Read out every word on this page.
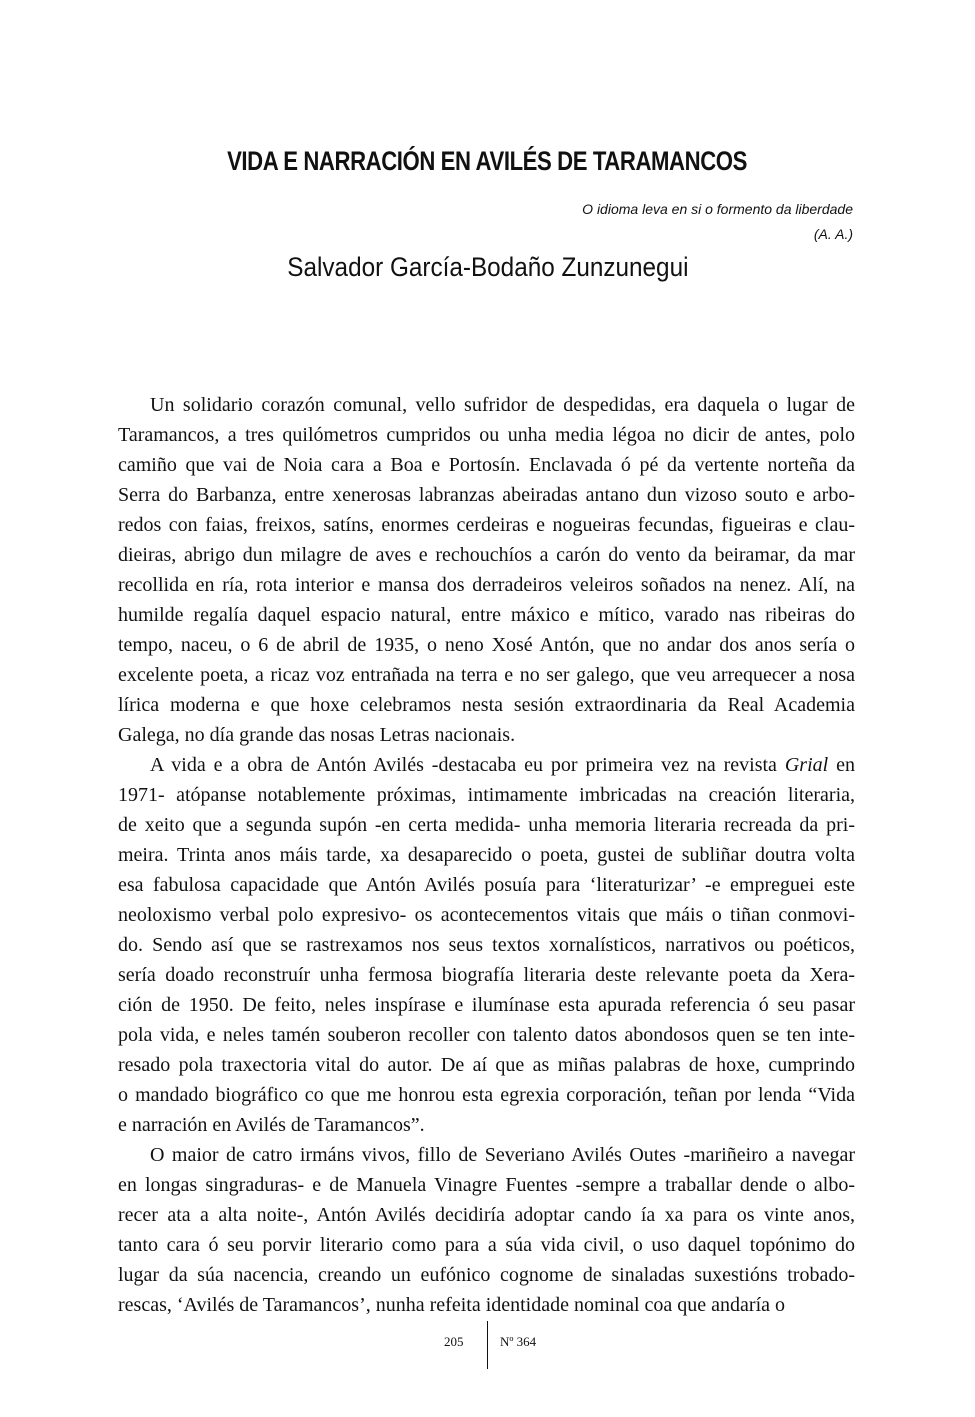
VIDA E NARRACIÓN EN AVILÉS DE TARAMANCOS
O idioma leva en si o formento da liberdade
(A. A.)
Salvador García-Bodaño Zunzunegui
Un solidario corazón comunal, vello sufridor de despedidas, era daquela o lugar de
Taramancos, a tres quilómetros cumpridos ou unha media légoa no dicir de antes, polo
camiño que vai de Noia cara a Boa e Portosín. Enclavada ó pé da vertente norteña da
Serra do Barbanza, entre xenerosas labranzas abeiradas antano dun vizoso souto e arbo-
redos con faias, freixos, satíns, enormes cerdeiras e nogueiras fecundas, figueiras e clau-
dieiras, abrigo dun milagre de aves e rechouchíos a carón do vento da beiramar, da mar
recollida en ría, rota interior e mansa dos derradeiros veleiros soñados na nenez. Alí, na
humilde regalía daquel espacio natural, entre máxico e mítico, varado nas ribeiras do
tempo, naceu, o 6 de abril de 1935, o neno Xosé Antón, que no andar dos anos sería o
excelente poeta, a ricaz voz entrañada na terra e no ser galego, que veu arrequecer a nosa
lírica moderna e que hoxe celebramos nesta sesión extraordinaria da Real Academia
Galega, no día grande das nosas Letras nacionais.
A vida e a obra de Antón Avilés -destacaba eu por primeira vez na revista Grial en
1971- atópanse notablemente próximas, intimamente imbricadas na creación literaria,
de xeito que a segunda supón -en certa medida- unha memoria literaria recreada da pri-
meira. Trinta anos máis tarde, xa desaparecido o poeta, gustei de subliñar doutra volta
esa fabulosa capacidade que Antón Avilés posuía para ‘literaturizar’ -e empreguei este
neoloxismo verbal polo expresivo- os acontecementos vitais que máis o tiñan conmovi-
do. Sendo así que se rastrexamos nos seus textos xornalísticos, narrativos ou poéticos,
sería doado reconstruír unha fermosa biografía literaria deste relevante poeta da Xera-
ción de 1950. De feito, neles inspírase e ilumínase esta apurada referencia ó seu pasar
pola vida, e neles tamén souberon recoller con talento datos abondosos quen se ten inte-
resado pola traxectoria vital do autor. De aí que as miñas palabras de hoxe, cumprindo
o mandado biográfico co que me honrou esta egrexia corporación, teñan por lenda “Vida
e narración en Avilés de Taramancos”.
O maior de catro irmáns vivos, fillo de Severiano Avilés Outes -mariñeiro a navegar
en longas singraduras- e de Manuela Vinagre Fuentes -sempre a traballar dende o albo-
recer ata a alta noite-, Antón Avilés decidiría adoptar cando ía xa para os vinte anos,
tanto cara ó seu porvir literario como para a súa vida civil, o uso daquel topónimo do
lugar da súa nacencia, creando un eufónico cognome de sinaladas suxestións trobado-
rescas, ‘Avilés de Taramancos’, nunha refeita identidade nominal coa que andaría o
205	Nº 364
